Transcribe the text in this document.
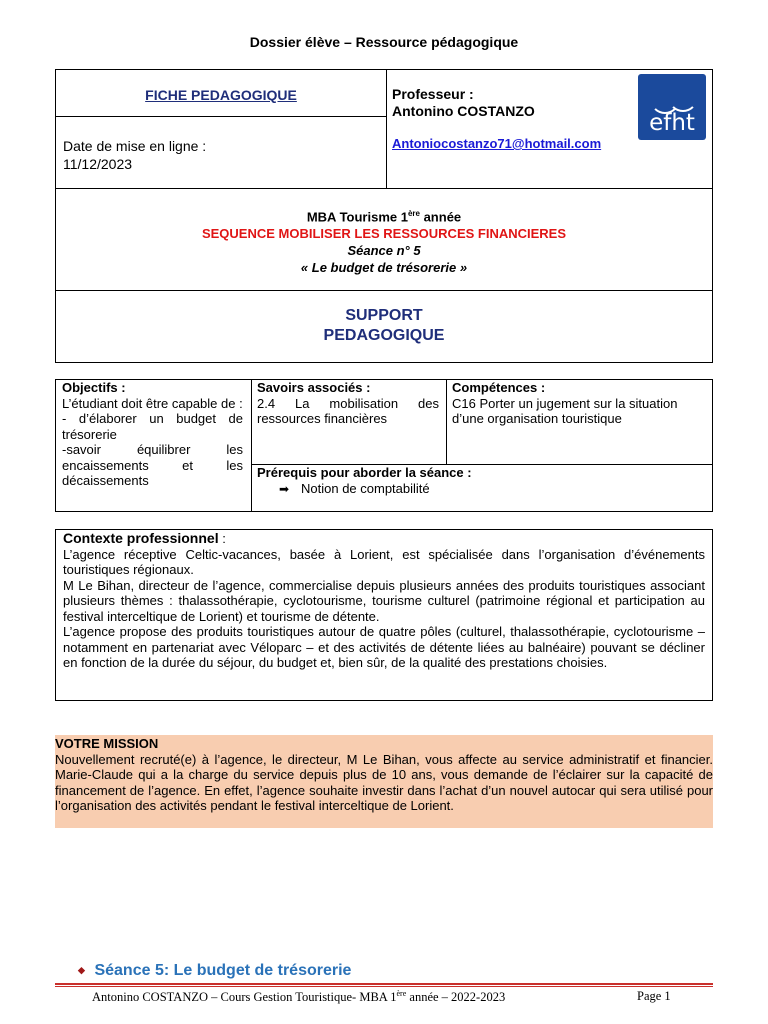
Dossier élève – Ressource pédagogique
FICHE PEDAGOGIQUE
Date de mise en ligne :
11/12/2023
Professeur :
Antonino COSTANZO
Antoniocostanzo71@hotmail.com
efht
MBA Tourisme 1ère année
SEQUENCE MOBILISER LES RESSOURCES FINANCIERES
Séance n° 5
« Le budget de trésorerie »
SUPPORT
PEDAGOGIQUE
Objectifs :
L’étudiant doit être capable de :
- d’élaborer un budget de trésorerie
-savoir équilibrer les encaissements et les décaissements
Savoirs associés :
2.4 La mobilisation des ressources financières
Compétences :
C16 Porter un jugement sur la situation d’une organisation touristique
Prérequis pour aborder la séance :
➡ Notion de comptabilité
Contexte professionnel :

L’agence réceptive Celtic-vacances, basée à Lorient, est spécialisée dans l’organisation d’événements touristiques régionaux.

M Le Bihan, directeur de l’agence, commercialise depuis plusieurs années des produits touristiques associant plusieurs thèmes : thalassothérapie, cyclotourisme, tourisme culturel (patrimoine régional et participation au festival interceltique de Lorient) et tourisme de détente.

L’agence propose des produits touristiques autour de quatre pôles (culturel, thalassothérapie, cyclotourisme – notamment en partenariat avec Véloparc – et des activités de détente liées au balnéaire) pouvant se décliner en fonction de la durée du séjour, du budget et, bien sûr, de la qualité des prestations choisies.

VOTRE MISSION
Nouvellement recruté(e) à l’agence, le directeur, M Le Bihan, vous affecte au service administratif et financier. Marie-Claude qui a la charge du service depuis plus de 10 ans, vous demande de l’éclairer sur la capacité de financement de l’agence. En effet, l’agence souhaite investir dans l’achat d’un nouvel autocar qui sera utilisé pour l’organisation des activités pendant le festival interceltique de Lorient.
◆ Séance 5: Le budget de trésorerie
Antonino COSTANZO – Cours Gestion Touristique- MBA 1ère année – 2022-2023	Page 1
